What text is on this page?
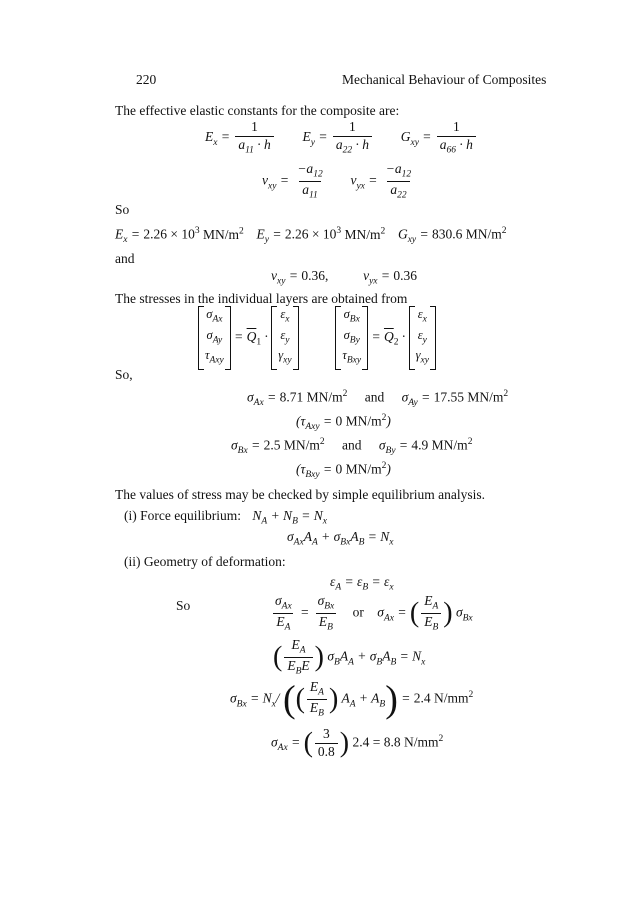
220	Mechanical Behaviour of Composites
The effective elastic constants for the composite are:
$E_x = \frac{1}{a_{11} \cdot h} E_y = \frac{1}{a_{22} \cdot h} G_{xy} = \frac{1}{a_{66} \cdot h}$
$\nu_{xy} = \frac{-a_{12}}{a_{11}} \nu_{yx} = \frac{-a_{12}}{a_{22}}$
So
$E_x = 2.26 \times 10^3$ $MN/m^2$  $E_y = 2.26 \times 10^3$ $MN/m^2$  $G_{xy} = 830.6$ $MN/m^2$
and
$\nu_{xy} = 0.36$,  $\nu_{yx} = 0.36$
The stresses in the individual layers are obtained from
$\sigma_{Ax}$
$\sigma_{Ay}$
$\tau_{Axy}$
= $\overline{Q}_1$ ·
$\varepsilon_x$
$\varepsilon_y$
$\gamma_{xy}$

$\sigma_{Bx}$
$\sigma_{By}$
$\tau_{Bxy}$
= $\overline{Q}_2$ ·
$\varepsilon_x$
$\varepsilon_y$
$\gamma_{xy}$
So,
$\sigma_{Ax} = 8.71$ $MN/m^2$ and $\sigma_{Ay} = 17.55$ $MN/m^2$
($\tau_{Axy} = 0$ $MN/m^2$)
$\sigma_{Bx} = 2.5$ $MN/m^2$ and $\sigma_{By} = 4.9$ $MN/m^2$
($\tau_{Bxy} = 0$ $MN/m^2$)
The values of stress may be checked by simple equilibrium analysis.
(i) Force equilibrium: $N_A + N_B = N_x$
$\sigma_{Ax}A_A + \sigma_{Bx}A_B = N_x$
(ii) Geometry of deformation:
$\varepsilon_A = \varepsilon_B = \varepsilon_x$
So	$\frac{\sigma_{Ax}}{E_A} = \frac{\sigma_{Bx}}{E_B}$ or $\sigma_{Ax}$ = ( $\frac{E_A}{E_B}$ ) $\sigma_{Bx}$
( $\frac{E_A}{E_BE}$ ) $\sigma_BA_A + \sigma_BA_B = N_x$
$\sigma_{Bx} = N_x/$ (( $\frac{E_A}{E_B}$ ) $A_A + A_B) = 2.4$ $N/mm^2$
$\sigma_{Ax}$ = ( $\frac{3}{0.8}$ ) 2.4 = 8.8 $N/mm^2$
